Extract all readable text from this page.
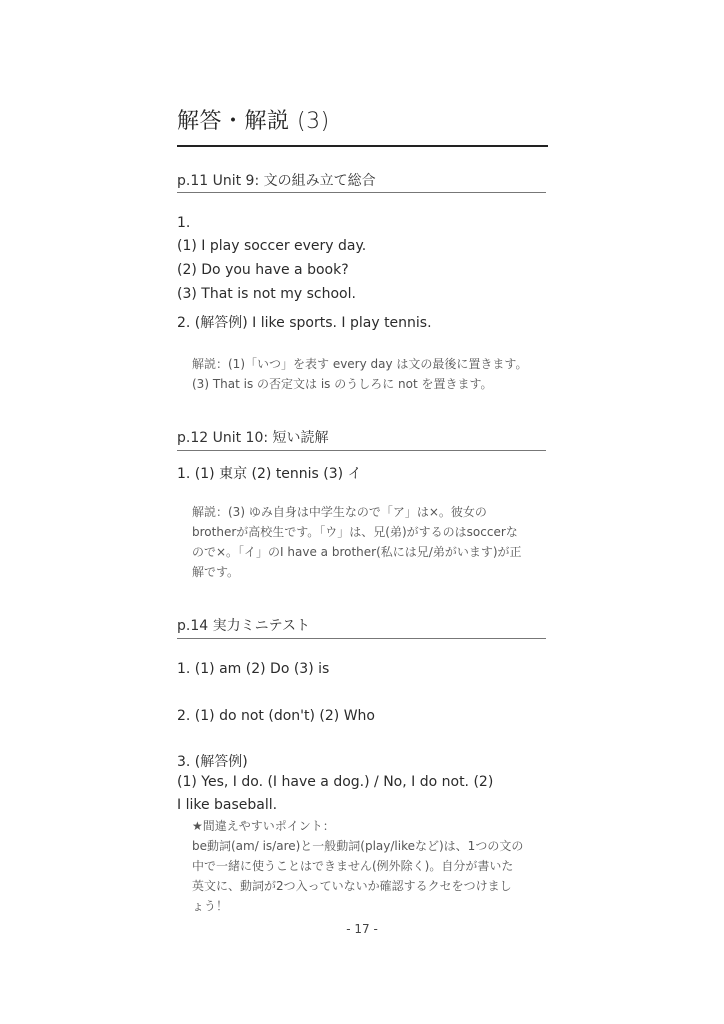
解答・解説 (3)
p.11 Unit 9: 文の組み立て総合
1.
(1) I play soccer every day.
(2) Do you have a book?
(3) That is not my school.
2. (解答例) I like sports. I play tennis.
解説：(1)「いつ」を表す every day は文の最後に置きます。
(3) That is の否定文は is のうしろに not を置きます。
p.12 Unit 10: 短い読解
1. (1) 東京 (2) tennis (3) イ
解説：(3) ゆみ自身は中学生なので「ア」は×。彼女の
brotherが高校生です。「ウ」は、兄(弟)がするのはsoccerな
ので×。「イ」のI have a brother(私には兄/弟がいます)が正
解です。
p.14 実力ミニテスト
1. (1) am (2) Do (3) is
2. (1) do not (don't) (2) Who
3. (解答例)
(1) Yes, I do. (I have a dog.) / No, I do not. (2)
I like baseball.
★間違えやすいポイント：
be動詞(am/ is/are)と一般動詞(play/likeなど)は、1つの文の
中で一緒に使うことはできません(例外除く)。自分が書いた
英文に、動詞が2つ入っていないか確認するクセをつけまし
ょう！
- 17 -
